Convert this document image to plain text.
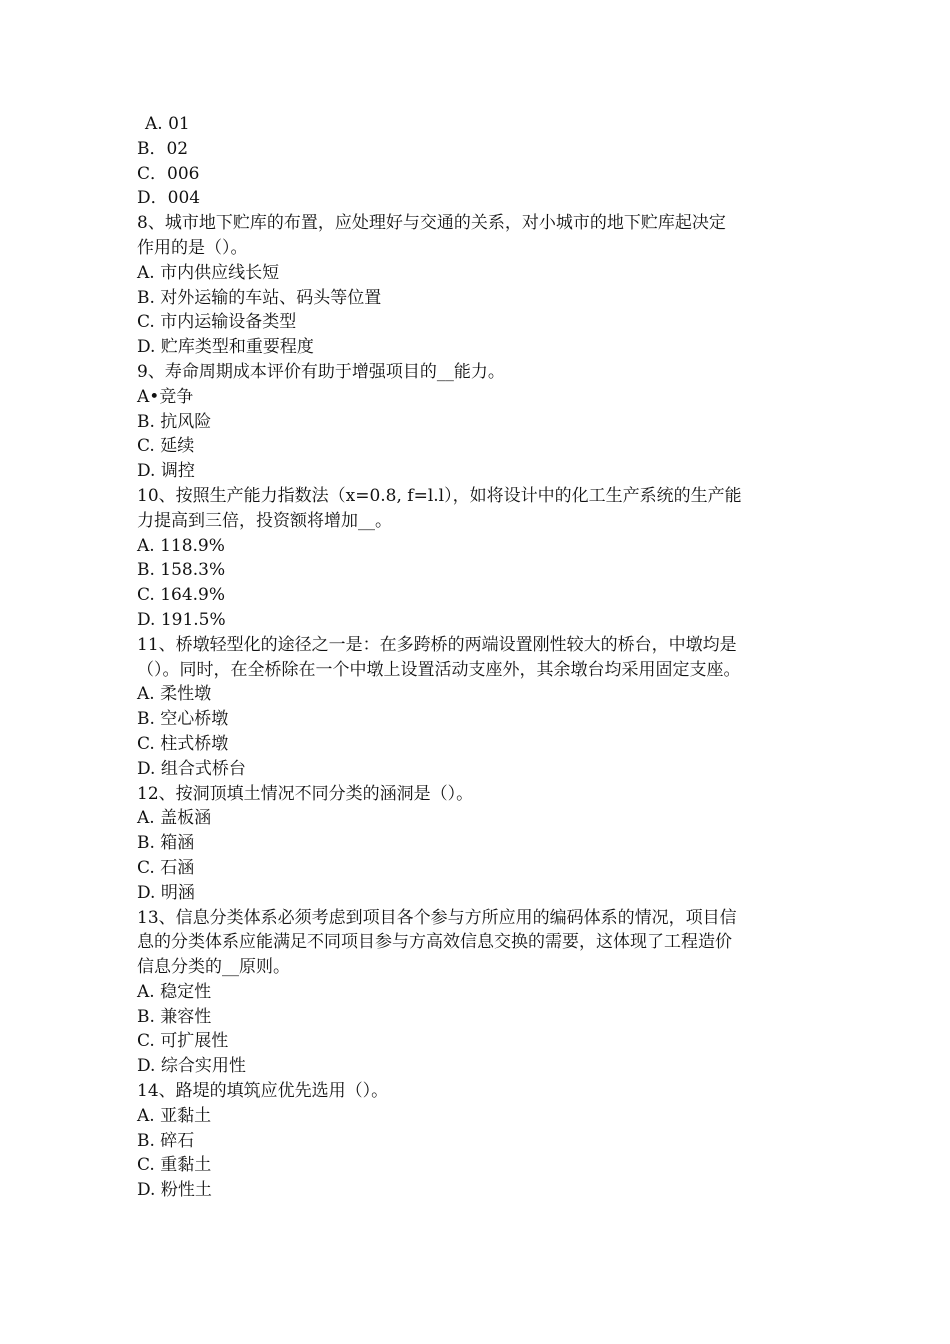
A. 01

B．02

C．006

D．004

8、城市地下贮库的布置，应处理好与交通的关系，对小城市的地下贮库起决定

作用的是（）。

A. 市内供应线长短

B. 对外运输的车站、码头等位置

C. 市内运输设备类型

D. 贮库类型和重要程度

9、寿命周期成本评价有助于增强项目的__能力。

A•竞争

B. 抗风险

C. 延续

D. 调控

10、按照生产能力指数法（x=0.8, f=l.l），如将设计中的化工生产系统的生产能

力提高到三倍，投资额将增加__。

A. 118.9%

B. 158.3%

C. 164.9%

D. 191.5%

11、桥墩轻型化的途径之一是：在多跨桥的两端设置刚性较大的桥台，中墩均是

（）。同时，在全桥除在一个中墩上设置活动支座外，其余墩台均采用固定支座。

A. 柔性墩

B. 空心桥墩

C. 柱式桥墩

D. 组合式桥台

12、按洞顶填土情况不同分类的涵洞是（）。

A. 盖板涵

B. 箱涵

C. 石涵

D. 明涵

13、信息分类体系必须考虑到项目各个参与方所应用的编码体系的情况，项目信

息的分类体系应能满足不同项目参与方高效信息交换的需要，这体现了工程造价

信息分类的__原则。

A. 稳定性

B. 兼容性

C. 可扩展性

D. 综合实用性

14、路堤的填筑应优先选用（）。

A. 亚黏土

B. 碎石

C. 重黏土

D. 粉性土
